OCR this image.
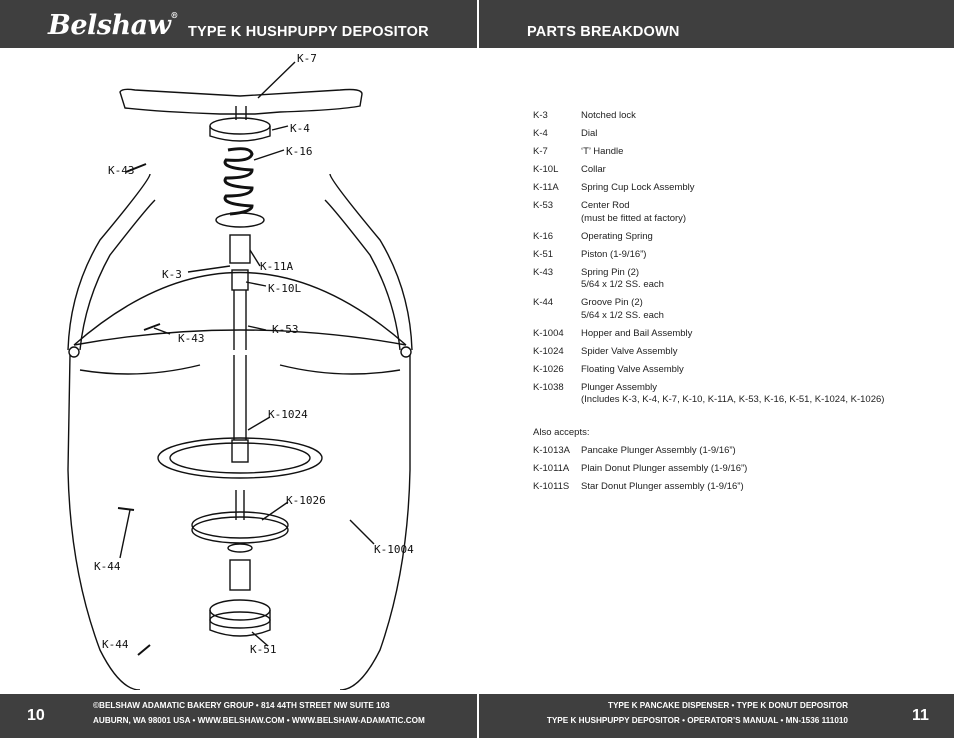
Belshaw®
TYPE K HUSHPUPPY DEPOSITOR	PARTS BREAKDOWN
K-7
K-4
K-16
K-43
K-3
K-11A
K-10L
K-53
K-43
K-1024
K-1026
K-1004
K-44
K-44	K-51
K-3	Notched lock
K-4	Dial
K-7	‘T’ Handle
K-10L	Collar
K-11A	Spring Cup Lock Assembly
K-53	Center Rod
(must be fitted at factory)
K-16	Operating Spring
K-51	Piston (1-9/16”)
K-43	Spring Pin (2)
5/64 x 1/2 SS. each
K-44	Groove Pin (2)
5/64 x 1/2 SS. each
K-1004	Hopper and Bail Assembly
K-1024	Spider Valve Assembly
K-1026	Floating Valve Assembly
K-1038	Plunger Assembly
(Includes K-3, K-4, K-7, K-10, K-11A, K-53, K-16, K-51, K-1024, K-1026)
Also accepts:
K-1013A	Pancake Plunger Assembly (1-9/16”)
K-1011A	Plain Donut Plunger assembly (1-9/16”)
K-1011S	Star Donut Plunger assembly (1-9/16”)
10	11
©BELSHAW ADAMATIC BAKERY GROUP • 814 44TH STREET NW SUITE 103
AUBURN, WA 98001 USA • WWW.BELSHAW.COM • WWW.BELSHAW-ADAMATIC.COM
TYPE K PANCAKE DISPENSER • TYPE K DONUT DEPOSITOR
TYPE K HUSHPUPPY DEPOSITOR • OPERATOR’S MANUAL • MN-1536 111010
